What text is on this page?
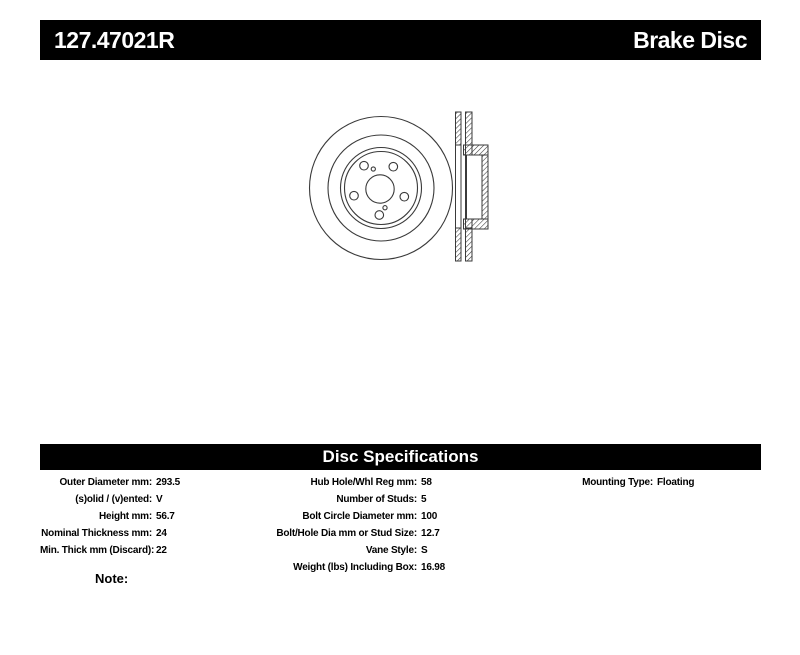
127.47021R	Brake Disc
Disc Specifications
Outer Diameter mm: 293.5
(s)olid / (v)ented: V
Height mm: 56.7
Nominal Thickness mm: 24
Min. Thick mm (Discard): 22
Hub Hole/Whl Reg mm: 58
Number of Studs: 5
Bolt Circle Diameter mm: 100
Bolt/Hole Dia mm or Stud Size: 12.7
Vane Style: S
Weight (lbs) Including Box: 16.98
Mounting Type: Floating
Note:
